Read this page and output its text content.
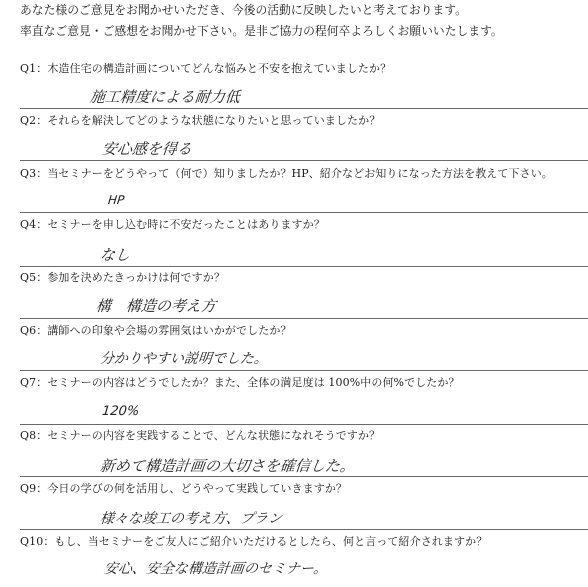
あなた様のご意見をお聞かせいただき、今後の活動に反映したいと考えております。
率直なご意見・ご感想をお聞かせ下さい。是非ご協力の程何卒よろしくお願いいたします。
Q1：木造住宅の構造計画についてどんな悩みと不安を抱えていましたか？
施工精度による耐力低
Q2：それらを解決してどのような状態になりたいと思っていましたか？
安心感を得る
Q3：当セミナーをどうやって（何で）知りましたか？HP、紹介などお知りになった方法を教えて下さい。
HP
Q4：セミナーを申し込む時に不安だったことはありますか？
なし
Q5：参加を決めたきっかけは何ですか？
構　構造の考え方
Q6：講師への印象や会場の雰囲気はいかがでしたか？
分かりやすい説明でした。
Q7：セミナーの内容はどうでしたか？また、全体の満足度は 100%中の何%でしたか？
120%
Q8：セミナーの内容を実践することで、どんな状態になれそうですか？
新めて構造計画の大切さを確信した。
Q9：今日の学びの何を活用し、どうやって実践していきますか？
様々な竣工の考え方、プラン
Q10：もし、当セミナーをご友人にご紹介いただけるとしたら、何と言って紹介されますか？
安心、安全な構造計画のセミナー。
